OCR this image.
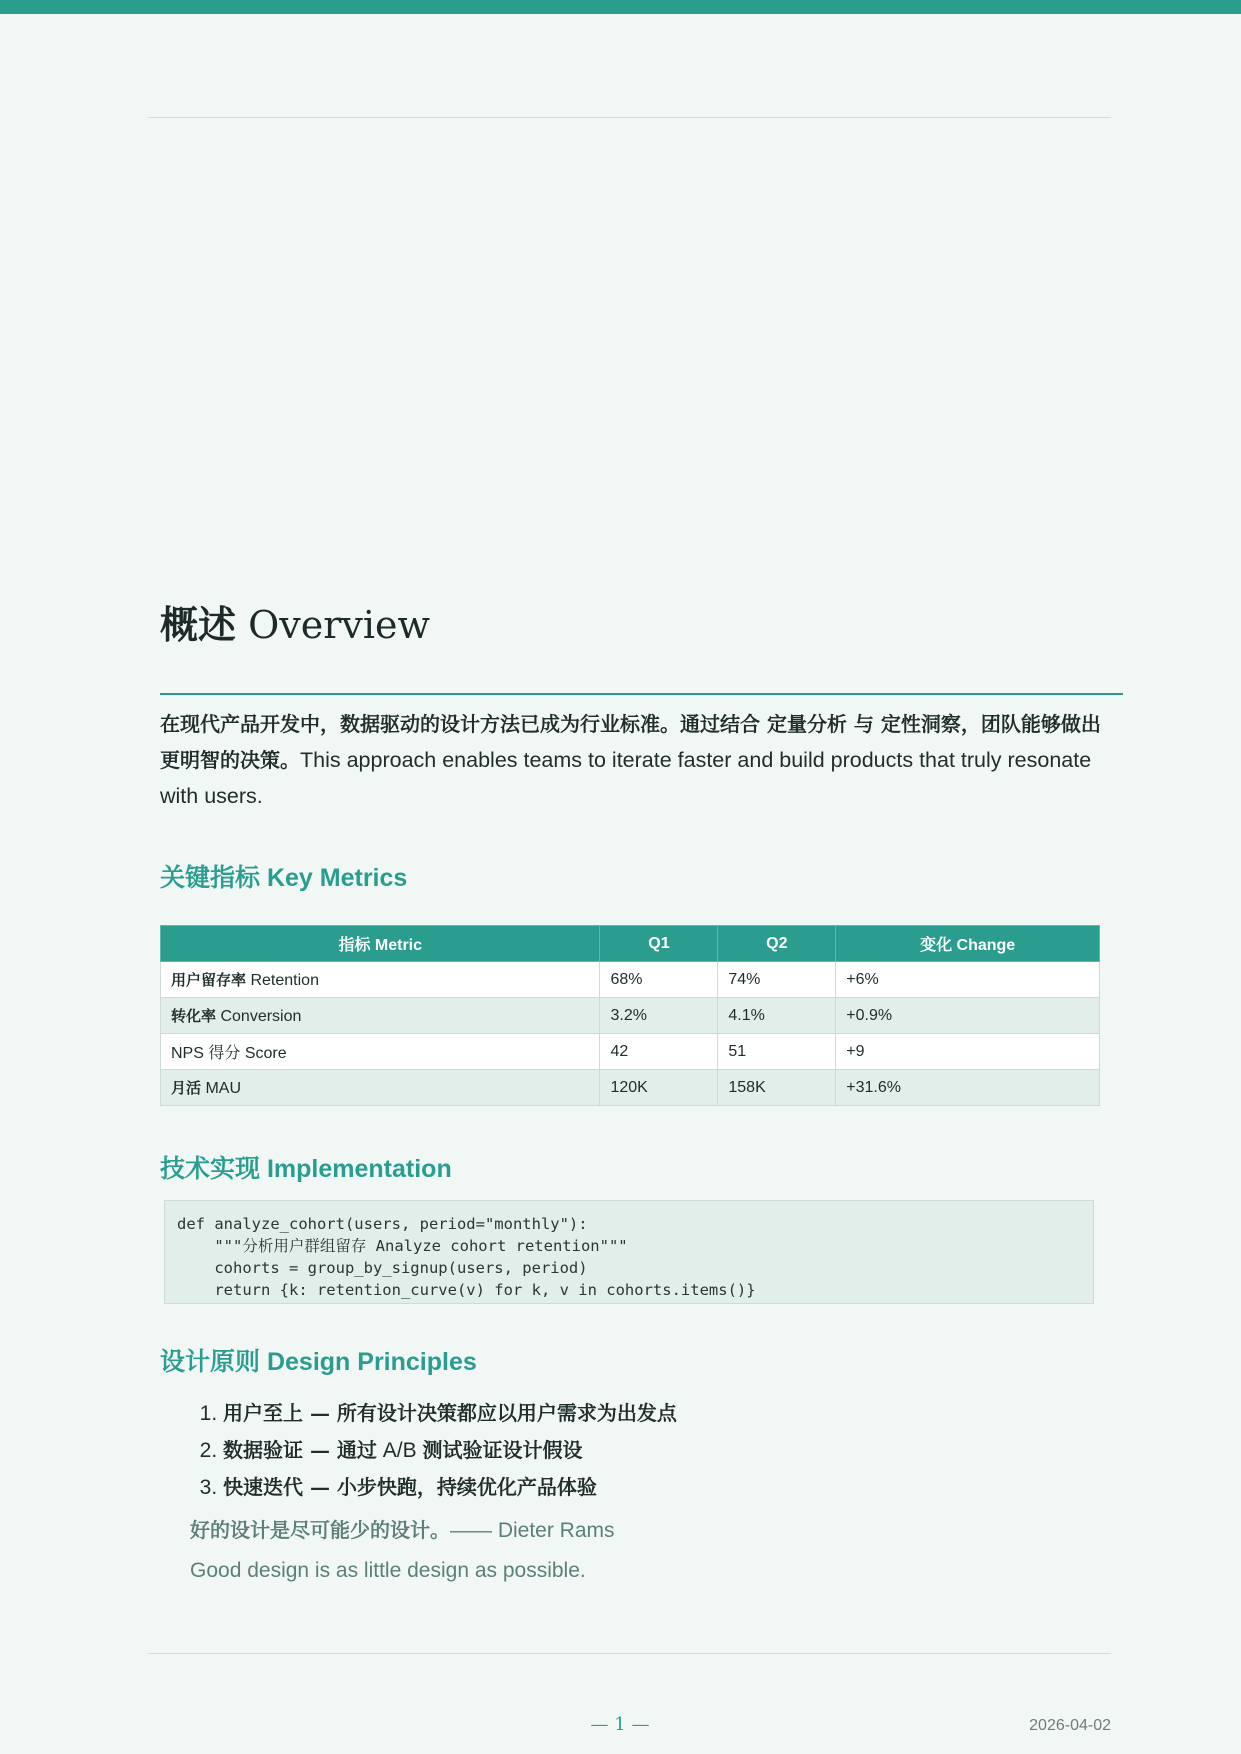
概述 Overview

在现代产品开发中，数据驱动的设计方法已成为行业标准。通过结合 定量分析 与 定性洞察，团队能够做出更明智的决策。This approach enables teams to iterate faster and build products that truly resonate with users.

关键指标 Key Metrics
指标 Metric	Q1	Q2	变化 Change
用户留存率 Retention	68%	74%	+6%
转化率 Conversion	3.2%	4.1%	+0.9%
NPS 得分 Score	42	51	+9
月活 MAU	120K	158K	+31.6%
技术实现 Implementation
def analyze_cohort(users, period="monthly"):
"""分析用户群组留存 Analyze cohort retention"""
cohorts = group_by_signup(users, period)
return {k: retention_curve(v) for k, v in cohorts.items()}
设计原则 Design Principles
1. 用户至上 — 所有设计决策都应以用户需求为出发点
2. 数据验证 — 通过 A/B 测试验证设计假设
3. 快速迭代 — 小步快跑，持续优化产品体验

好的设计是尽可能少的设计。—— Dieter Rams

Good design is as little design as possible.

— 1 —	2026-04-02
